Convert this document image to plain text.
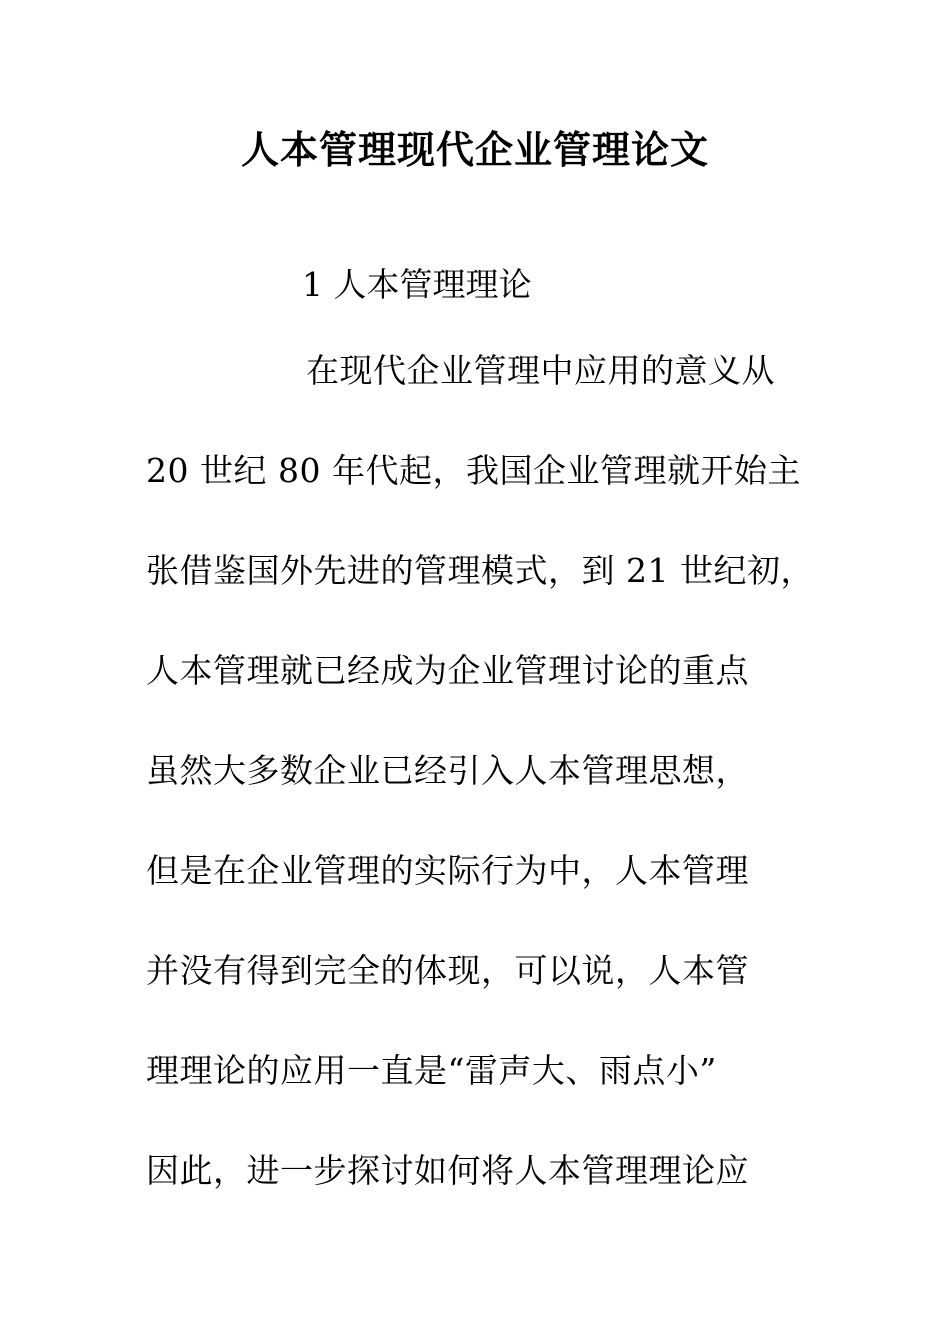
人本管理现代企业管理论文

1 人本管理理论

在现代企业管理中应用的意义从

20 世纪 80 年代起，我国企业管理就开始主

张借鉴国外先进的管理模式，到 21 世纪初，

人本管理就已经成为企业管理讨论的重点

虽然大多数企业已经引入人本管理思想，

但是在企业管理的实际行为中，人本管理

并没有得到完全的体现，可以说，人本管

理理论的应用一直是“雷声大、雨点小”

因此，进一步探讨如何将人本管理理论应
